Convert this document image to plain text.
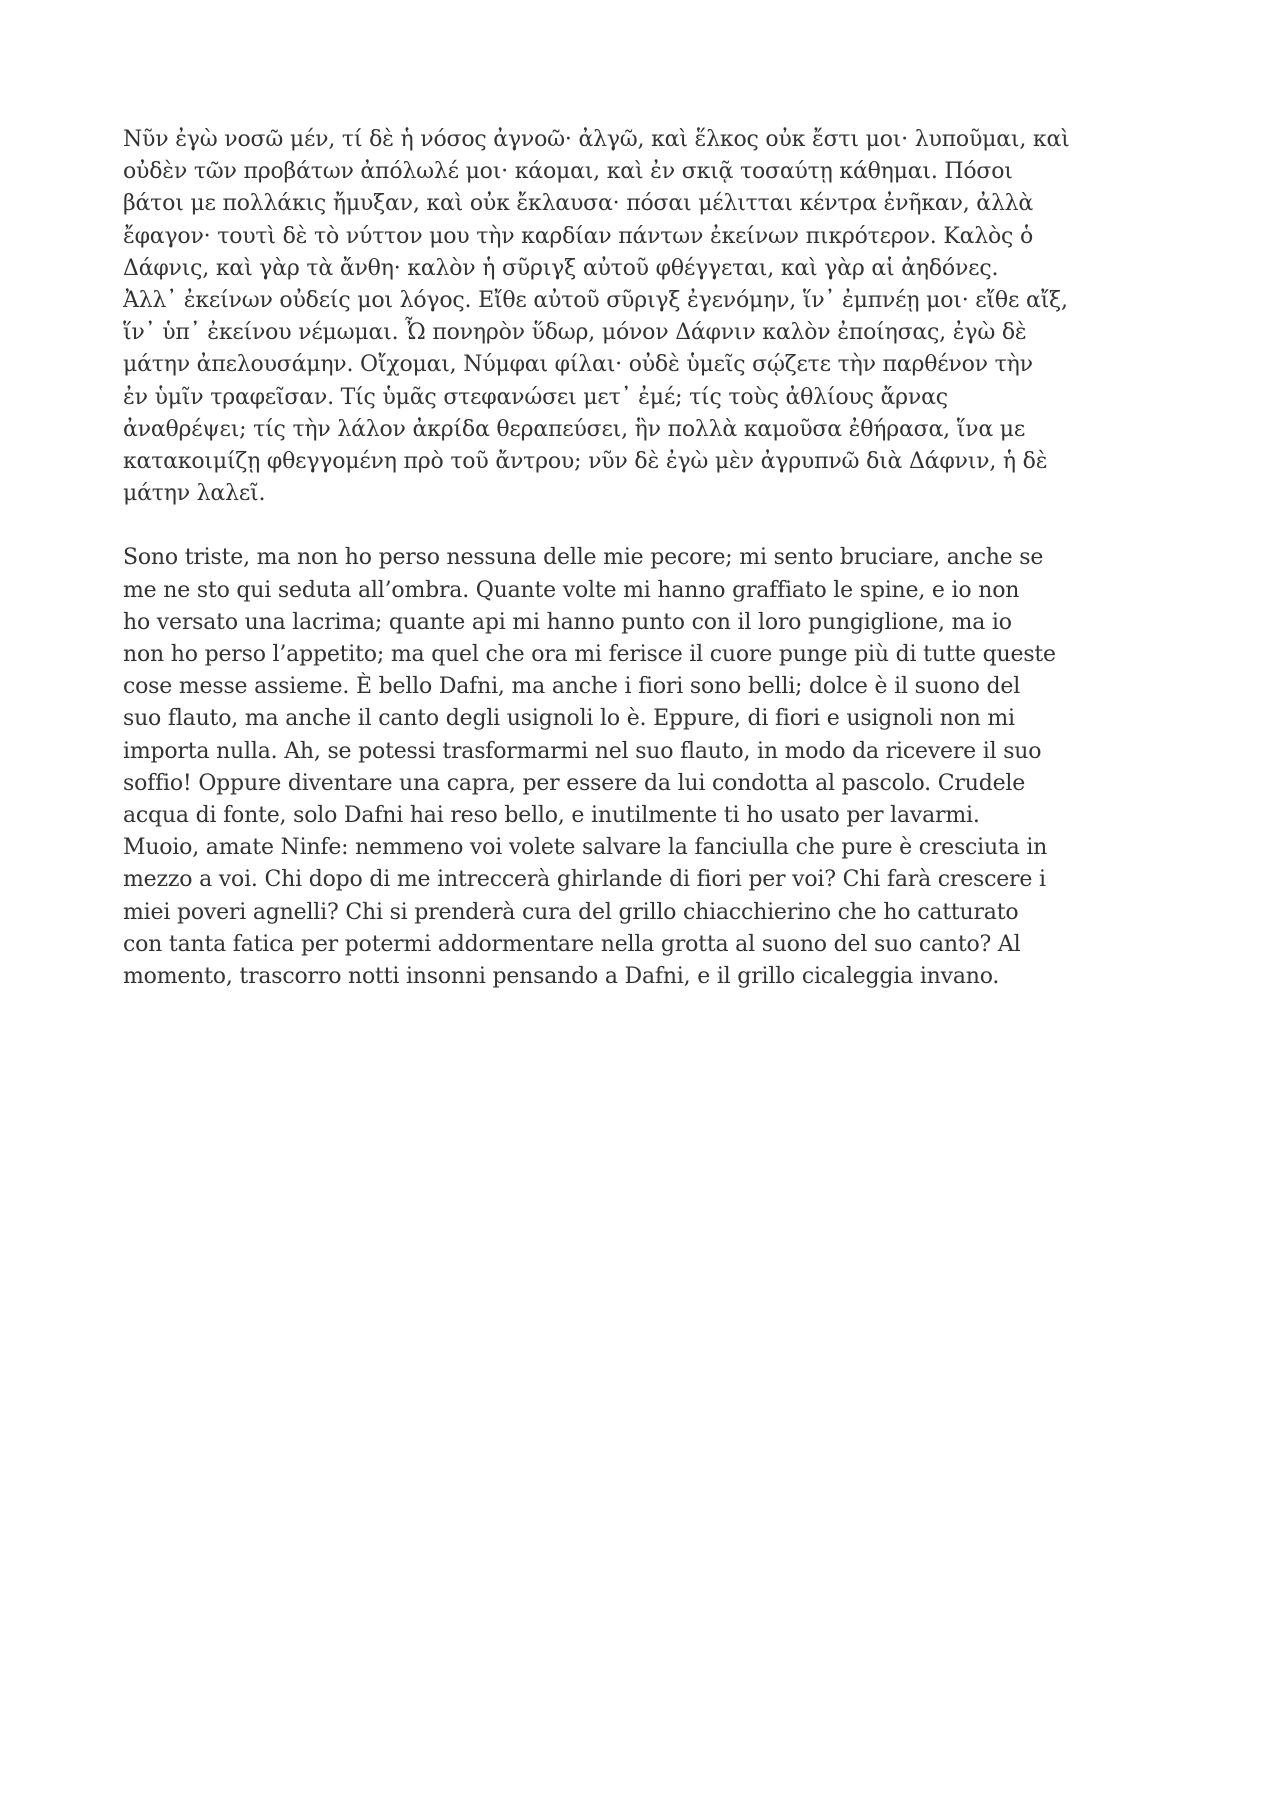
Νῦν ἐγὼ νοσῶ μέν, τί δὲ ἡ νόσος ἀγνοῶ· ἀλγῶ, καὶ ἕλκος οὐκ ἔστι μοι· λυποῦμαι, καὶ
οὐδὲν τῶν προβάτων ἀπόλωλέ μοι· κάομαι, καὶ ἐν σκιᾷ τοσαύτῃ κάθημαι. Πόσοι
βάτοι με πολλάκις ἤμυξαν, καὶ οὐκ ἔκλαυσα· πόσαι μέλιτται κέντρα ἐνῆκαν, ἀλλὰ
ἔφαγον· τουτὶ δὲ τὸ νύττον μου τὴν καρδίαν πάντων ἐκείνων πικρότερον. Καλὸς ὁ
Δάφνις, καὶ γὰρ τὰ ἄνθη· καλὸν ἡ σῦριγξ αὐτοῦ φθέγγεται, καὶ γὰρ αἱ ἀηδόνες.
Ἀλλ᾽ ἐκείνων οὐδείς μοι λόγος. Εἴθε αὐτοῦ σῦριγξ ἐγενόμην, ἵν᾽ ἐμπνέῃ μοι· εἴθε αἴξ,
ἵν᾽ ὑπ᾽ ἐκείνου νέμωμαι. Ὦ πονηρὸν ὕδωρ, μόνον Δάφνιν καλὸν ἐποίησας, ἐγὼ δὲ
μάτην ἀπελουσάμην. Οἴχομαι, Νύμφαι φίλαι· οὐδὲ ὑμεῖς σῴζετε τὴν παρθένον τὴν
ἐν ὑμῖν τραφεῖσαν. Τίς ὑμᾶς στεφανώσει μετ᾽ ἐμέ; τίς τοὺς ἀθλίους ἄρνας
ἀναθρέψει; τίς τὴν λάλον ἀκρίδα θεραπεύσει, ἣν πολλὰ καμοῦσα ἐθήρασα, ἵνα με
κατακοιμίζῃ φθεγγομένη πρὸ τοῦ ἄντρου; νῦν δὲ ἐγὼ μὲν ἀγρυπνῶ διὰ Δάφνιν, ἡ δὲ
μάτην λαλεῖ.

Sono triste, ma non ho perso nessuna delle mie pecore; mi sento bruciare, anche se
me ne sto qui seduta all’ombra. Quante volte mi hanno graffiato le spine, e io non
ho versato una lacrima; quante api mi hanno punto con il loro pungiglione, ma io
non ho perso l’appetito; ma quel che ora mi ferisce il cuore punge più di tutte queste
cose messe assieme. È bello Dafni, ma anche i fiori sono belli; dolce è il suono del
suo flauto, ma anche il canto degli usignoli lo è. Eppure, di fiori e usignoli non mi
importa nulla. Ah, se potessi trasformarmi nel suo flauto, in modo da ricevere il suo
soffio! Oppure diventare una capra, per essere da lui condotta al pascolo. Crudele
acqua di fonte, solo Dafni hai reso bello, e inutilmente ti ho usato per lavarmi.
Muoio, amate Ninfe: nemmeno voi volete salvare la fanciulla che pure è cresciuta in
mezzo a voi. Chi dopo di me intreccerà ghirlande di fiori per voi? Chi farà crescere i
miei poveri agnelli? Chi si prenderà cura del grillo chiacchierino che ho catturato
con tanta fatica per potermi addormentare nella grotta al suono del suo canto? Al
momento, trascorro notti insonni pensando a Dafni, e il grillo cicaleggia invano.
